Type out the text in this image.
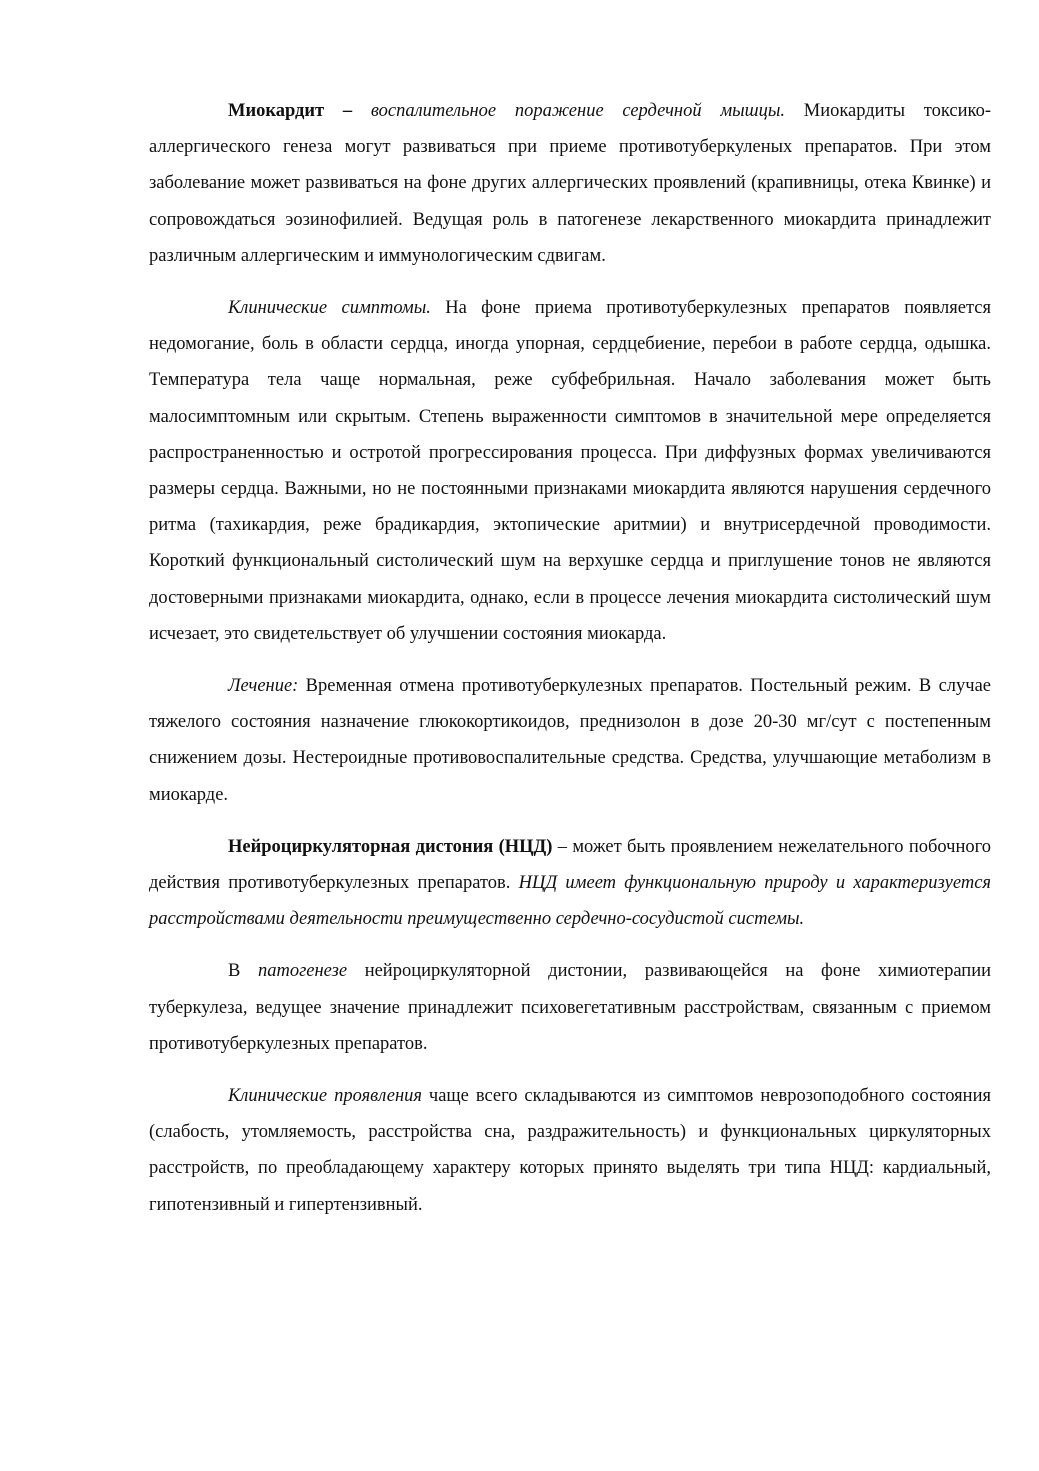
Миокардит – воспалительное поражение сердечной мышцы. Миокардиты токсико-аллергического генеза могут развиваться при приеме противотуберкуленых препаратов. При этом заболевание может развиваться на фоне других аллергических проявлений (крапивницы, отека Квинке) и сопровождаться эозинофилией. Ведущая роль в патогенезе лекарственного миокардита принадлежит различным аллергическим и иммунологическим сдвигам.

Клинические симптомы. На фоне приема противотуберкулезных препаратов появляется недомогание, боль в области сердца, иногда упорная, сердцебиение, перебои в работе сердца, одышка. Температура тела чаще нормальная, реже субфебрильная. Начало заболевания может быть малосимптомным или скрытым. Степень выраженности симптомов в значительной мере определяется распространенностью и остротой прогрессирования процесса. При диффузных формах увеличиваются размеры сердца. Важными, но не постоянными признаками миокардита являются нарушения сердечного ритма (тахикардия, реже брадикардия, эктопические аритмии) и внутрисердечной проводимости. Короткий функциональный систолический шум на верхушке сердца и приглушение тонов не являются достоверными признаками миокардита, однако, если в процессе лечения миокардита систолический шум исчезает, это свидетельствует об улучшении состояния миокарда.

Лечение: Временная отмена противотуберкулезных препаратов. Постельный режим. В случае тяжелого состояния назначение глюкокортикоидов, преднизолон в дозе 20-30 мг/сут с постепенным снижением дозы. Нестероидные противовоспалительные средства. Средства, улучшающие метаболизм в миокарде.

Нейроциркуляторная дистония (НЦД) – может быть проявлением нежелательного побочного действия противотуберкулезных препаратов. НЦД имеет функциональную природу и характеризуется расстройствами деятельности преимущественно сердечно-сосудистой системы.

В патогенезе нейроциркуляторной дистонии, развивающейся на фоне химиотерапии туберкулеза, ведущее значение принадлежит психовегетативным расстройствам, связанным с приемом противотуберкулезных препаратов.

Клинические проявления чаще всего складываются из симптомов неврозоподобного состояния (слабость, утомляемость, расстройства сна, раздражительность) и функциональных циркуляторных расстройств, по преобладающему характеру которых принято выделять три типа НЦД: кардиальный, гипотензивный и гипертензивный.
